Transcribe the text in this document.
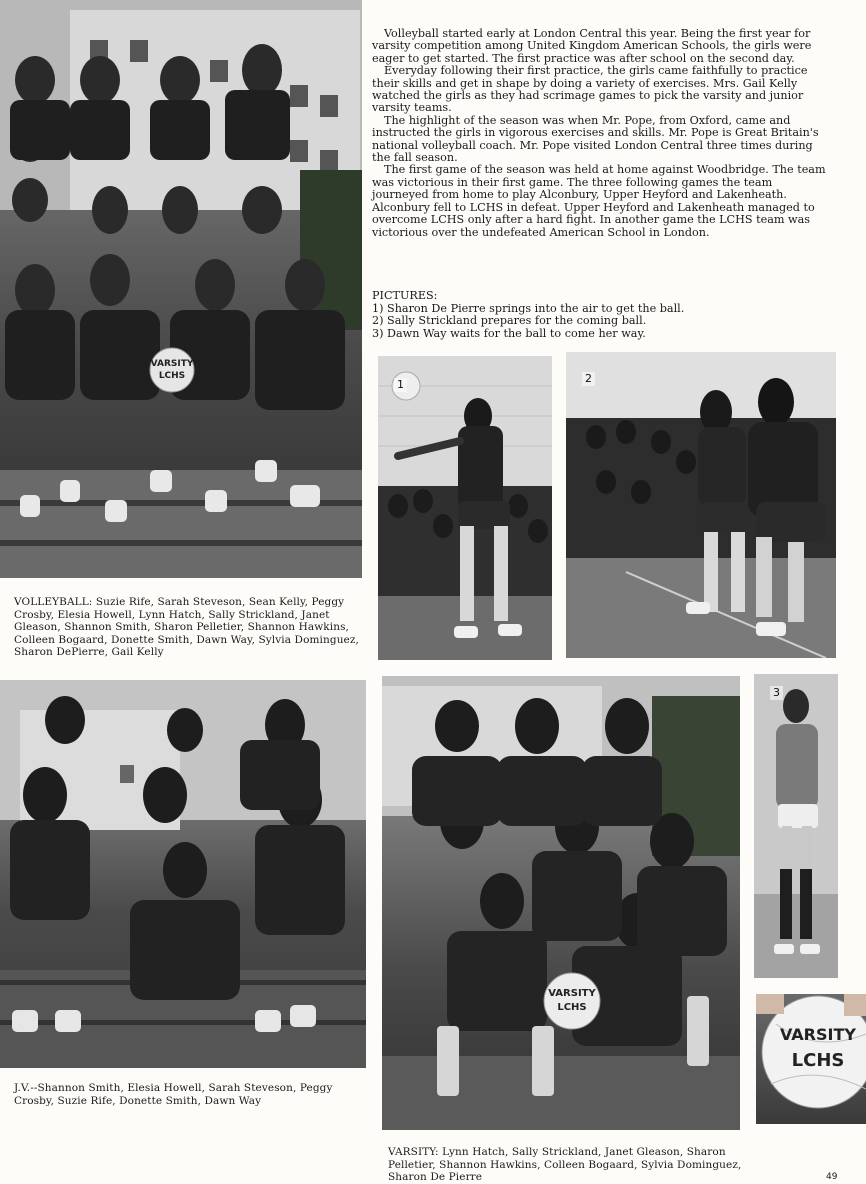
VARSITY
LCHS

Volleyball started early at London Central this year. Being the first year for varsity competition among United Kingdom American Schools, the girls were eager to get started. The first practice was after school on the second day.

Everyday following their first practice, the girls came faithfully to practice their skills and get in shape by doing a variety of exercises. Mrs. Gail Kelly watched the girls as they had scrimage games to pick the varsity and junior varsity teams.

The highlight of the season was when Mr. Pope, from Oxford, came and instructed the girls in vigorous exercises and skills. Mr. Pope is Great Britain's national volleyball coach. Mr. Pope visited London Central three times during the fall season.

The first game of the season was held at home against Woodbridge. The team was victorious in their first game. The three following games the team journeyed from home to play Alconbury, Upper Heyford and Lakenheath. Alconbury fell to LCHS in defeat. Upper Heyford and Lakenheath managed to overcome LCHS only after a hard fight. In another game the LCHS team was victorious over the undefeated American School in London.

PICTURES:
1) Sharon De Pierre springs into the air to get the ball.
2) Sally Strickland prepares for the coming ball.
3) Dawn Way waits for the ball to come her way.
1	2

VOLLEYBALL: Suzie Rife, Sarah Steveson, Sean Kelly, Peggy Crosby, Elesia Howell, Lynn Hatch, Sally Strickland, Janet Gleason, Shannon Smith, Sharon Pelletier, Shannon Hawkins, Colleen Bogaard, Donette Smith, Dawn Way, Sylvia Dominguez, Sharon DePierre, Gail Kelly

J.V.--Shannon Smith, Elesia Howell, Sarah Steveson, Peggy Crosby, Suzie Rife, Donette Smith, Dawn Way

VARSITY
LCHS
3
VARSITY
LCHS

VARSITY: Lynn Hatch, Sally Strickland, Janet Gleason, Sharon Pelletier, Shannon Hawkins, Colleen Bogaard, Sylvia Dominguez, Sharon De Pierre	49
